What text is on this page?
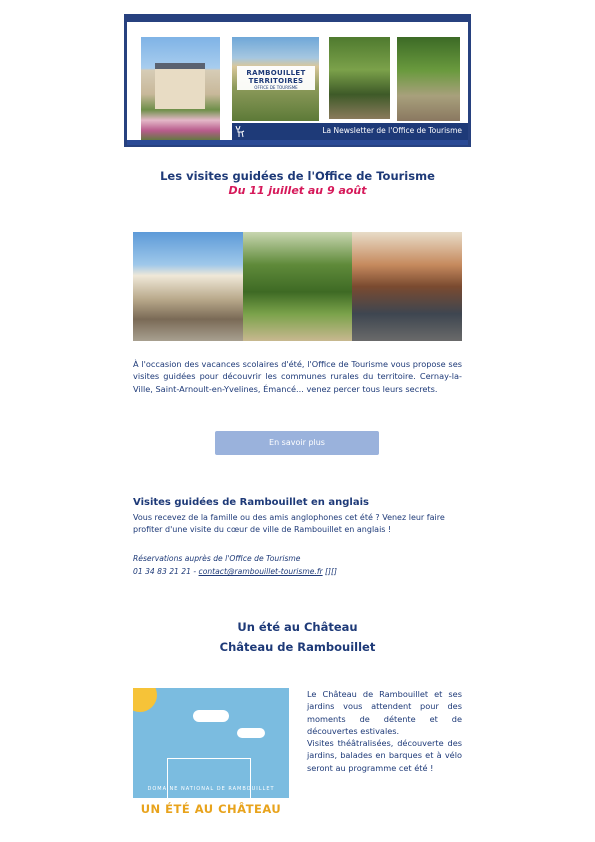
RAMBOUILLET
TERRITOIRES
OFFICE DE TOURISME
La Newsletter de l'Office de Tourisme
Les visites guidées de l'Office de Tourisme
Du 11 juillet au 9 août
À l'occasion des vacances scolaires d'été, l'Office de Tourisme vous propose ses visites guidées pour découvrir les communes rurales du territoire. Cernay-la-Ville, Saint-Arnoult-en-Yvelines, Émancé... venez percer tous leurs secrets.
En savoir plus
Visites guidées de Rambouillet en anglais
Vous recevez de la famille ou des amis anglophones cet été ? Venez leur faire profiter d'une visite du cœur de ville de Rambouillet en anglais !
Réservations auprès de l'Office de Tourisme
01 34 83 21 21 - contact@rambouillet-tourisme.fr [][]
Un été au Château
Château de Rambouillet
DOMAINE NATIONAL DE RAMBOUILLET
UN ÉTÉ AU CHÂTEAU
Le Château de Rambouillet et ses jardins vous attendent pour des moments de détente et de découvertes estivales.
Visites théâtralisées, découverte des jardins, balades en barques et à vélo seront au programme cet été !
